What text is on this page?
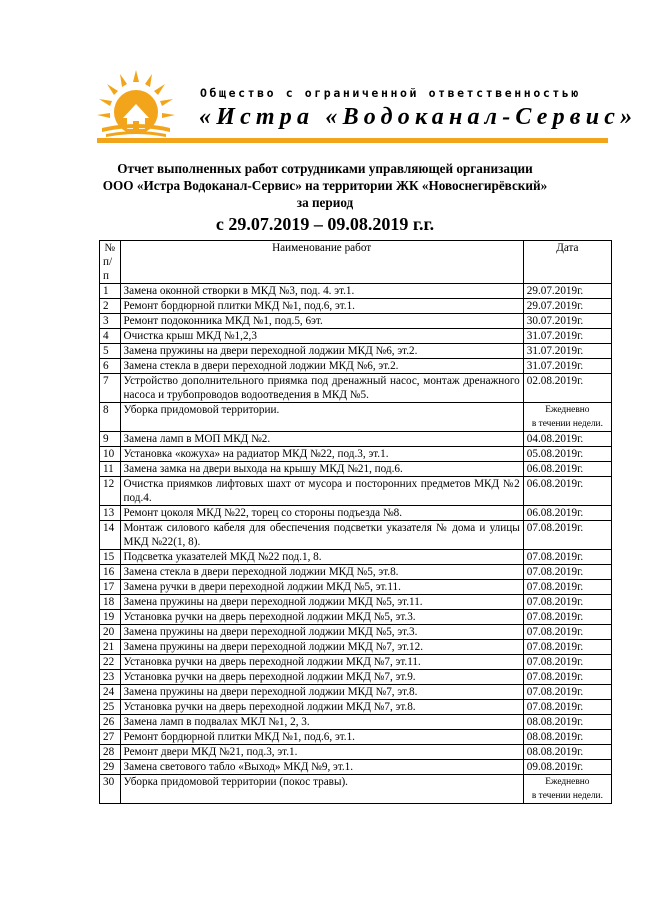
Общество с ограниченной ответственностью
«Истра «Водоканал-Сервис»
Отчет выполненных работ сотрудниками управляющей организации
ООО «Истра Водоканал-Сервис» на территории ЖК «Новоснегирёвский»
за период
с 29.07.2019 – 09.08.2019 г.г.
№
п/п	Наименование работ	Дата
1	Замена оконной створки в МКД №3, под. 4. эт.1.	29.07.2019г.
2	Ремонт бордюрной плитки МКД №1, под.6, эт.1.	29.07.2019г.
3	Ремонт подоконника МКД №1, под.5, 6эт.	30.07.2019г.
4	Очистка крыш МКД №1,2,3	31.07.2019г.
5	Замена пружины на двери переходной лоджии МКД №6, эт.2.	31.07.2019г.
6	Замена стекла в двери переходной лоджии МКД №6, эт.2.	31.07.2019г.
7	Устройство дополнительного приямка под дренажный насос, монтаж дренажного насоса и трубопроводов водоотведения в МКД №5.	02.08.2019г.
8	Уборка придомовой территории.	Ежедневно
в течении недели.

9	Замена ламп в МОП МКД №2.	04.08.2019г.
10	Установка «кожуха» на радиатор МКД №22, под.3, эт.1.	05.08.2019г.
11	Замена замка на двери выхода на крышу МКД №21, под.6.	06.08.2019г.
12	Очистка приямков лифтовых шахт от мусора и посторонних предметов МКД №2 под.4.	06.08.2019г.
13	Ремонт цоколя МКД №22, торец со стороны подъезда №8.	06.08.2019г.
14	Монтаж силового кабеля для обеспечения подсветки указателя № дома и улицы МКД №22(1, 8).	07.08.2019г.
15	Подсветка указателей МКД №22 под.1, 8.	07.08.2019г.
16	Замена стекла в двери переходной лоджии МКД №5, эт.8.	07.08.2019г.
17	Замена ручки в двери переходной лоджии МКД №5, эт.11.	07.08.2019г.
18	Замена пружины на двери переходной лоджии МКД №5, эт.11.	07.08.2019г.
19	Установка ручки на дверь переходной лоджии МКД №5, эт.3.	07.08.2019г.
20	Замена пружины на двери переходной лоджии МКД №5, эт.3.	07.08.2019г.
21	Замена пружины на двери переходной лоджии МКД №7, эт.12.	07.08.2019г.
22	Установка ручки на дверь переходной лоджии МКД №7, эт.11.	07.08.2019г.
23	Установка ручки на дверь переходной лоджии МКД №7, эт.9.	07.08.2019г.
24	Замена пружины на двери переходной лоджии МКД №7, эт.8.	07.08.2019г.
25	Установка ручки на дверь переходной лоджии МКД №7, эт.8.	07.08.2019г.
26	Замена ламп в подвалах МКЛ №1, 2, 3.	08.08.2019г.
27	Ремонт бордюрной плитки МКД №1, под.6, эт.1.	08.08.2019г.
28	Ремонт двери МКД №21, под.3, эт.1.	08.08.2019г.
29	Замена светового табло «Выход» МКД №9, эт.1.	09.08.2019г.
30	Уборка придомовой территории (покос травы).	Ежедневно
в течении недели.
